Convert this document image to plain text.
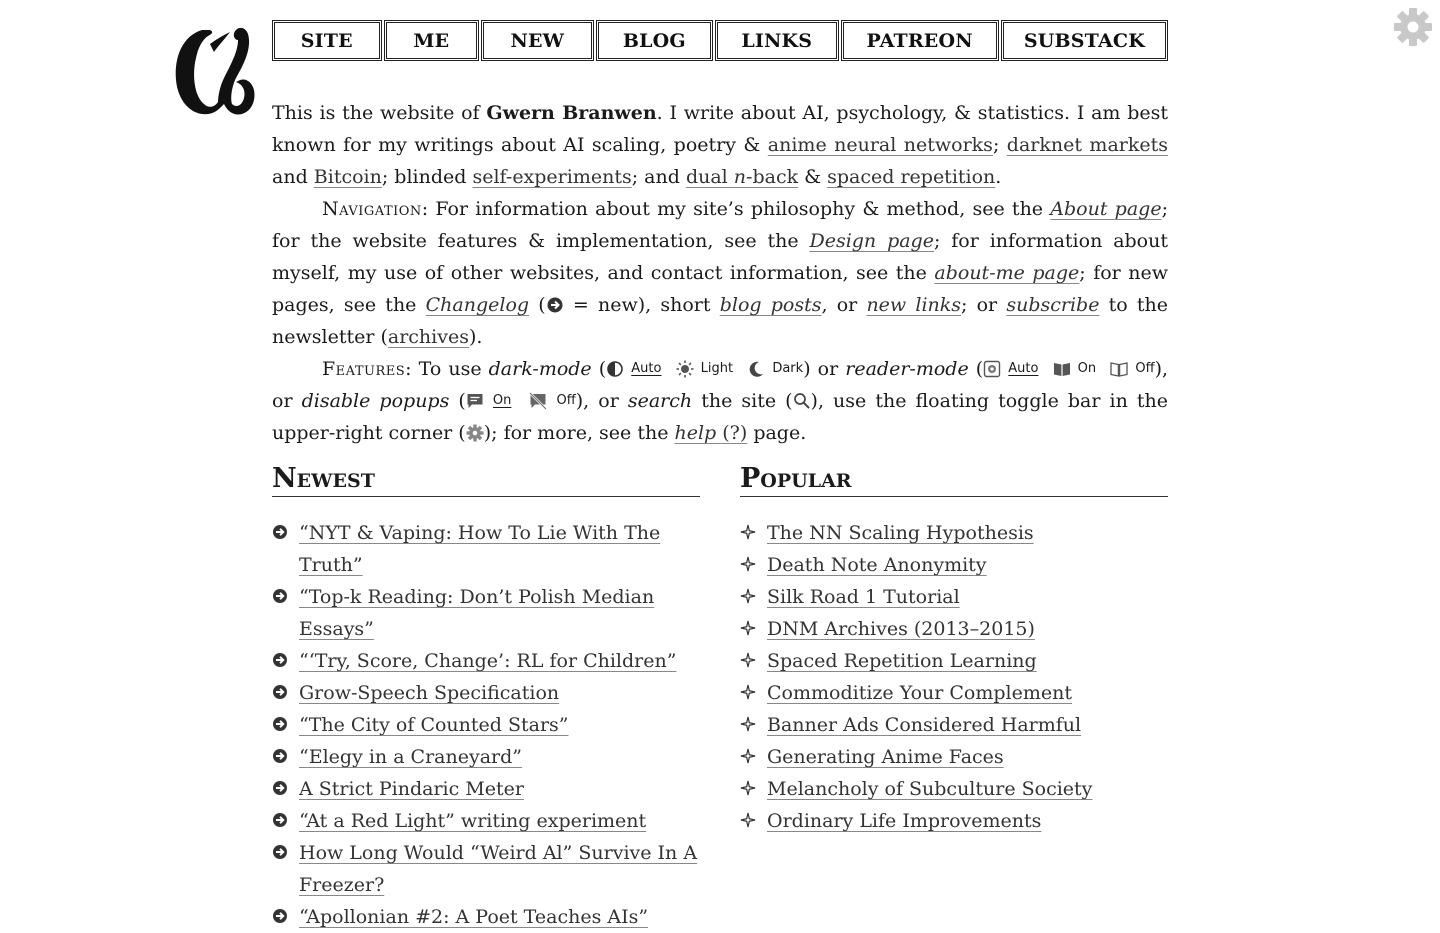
SITE	ME	NEW	BLOG	LINKS	PATREON	SUBSTACK

This is the website of Gwern Branwen. I write about AI, psychology, & statistics. I am best known for my writings about AI scaling, poetry & anime neural networks; darknet markets and Bitcoin; blinded self-experiments; and dual n-back & spaced repetition.

Navigation: For information about my site’s philosophy & method, see the About page; for the website features & implementation, see the Design page; for information about myself, my use of other websites, and contact information, see the about-me page; for new pages, see the Changelog ( = new), short blog posts, or new links; or subscribe to the newsletter (archives).

Features: To use dark-mode ( Auto	Light	Dark) or reader-mode ( Auto	On	Off), or disable popups ( On	Off), or search the site ( ), use the floating toggle bar in the upper-right corner ( ); for more, see the help (?) page.

Newest
“NYT & Vaping: How To Lie With The Truth”
“Top-k Reading: Don’t Polish Median Essays”
“‘Try, Score, Change’: RL for Children”
Grow-Speech Specification
“The City of Counted Stars”
“Elegy in a Craneyard”
A Strict Pindaric Meter
“At a Red Light” writing experiment
How Long Would “Weird Al” Survive In A Freezer?
“Apollonian #2: A Poet Teaches AIs”
Popular
The NN Scaling Hypothesis
Death Note Anonymity
Silk Road 1 Tutorial
DNM Archives (2013–2015)
Spaced Repetition Learning
Commoditize Your Complement
Banner Ads Considered Harmful
Generating Anime Faces
Melancholy of Subculture Society
Ordinary Life Improvements
